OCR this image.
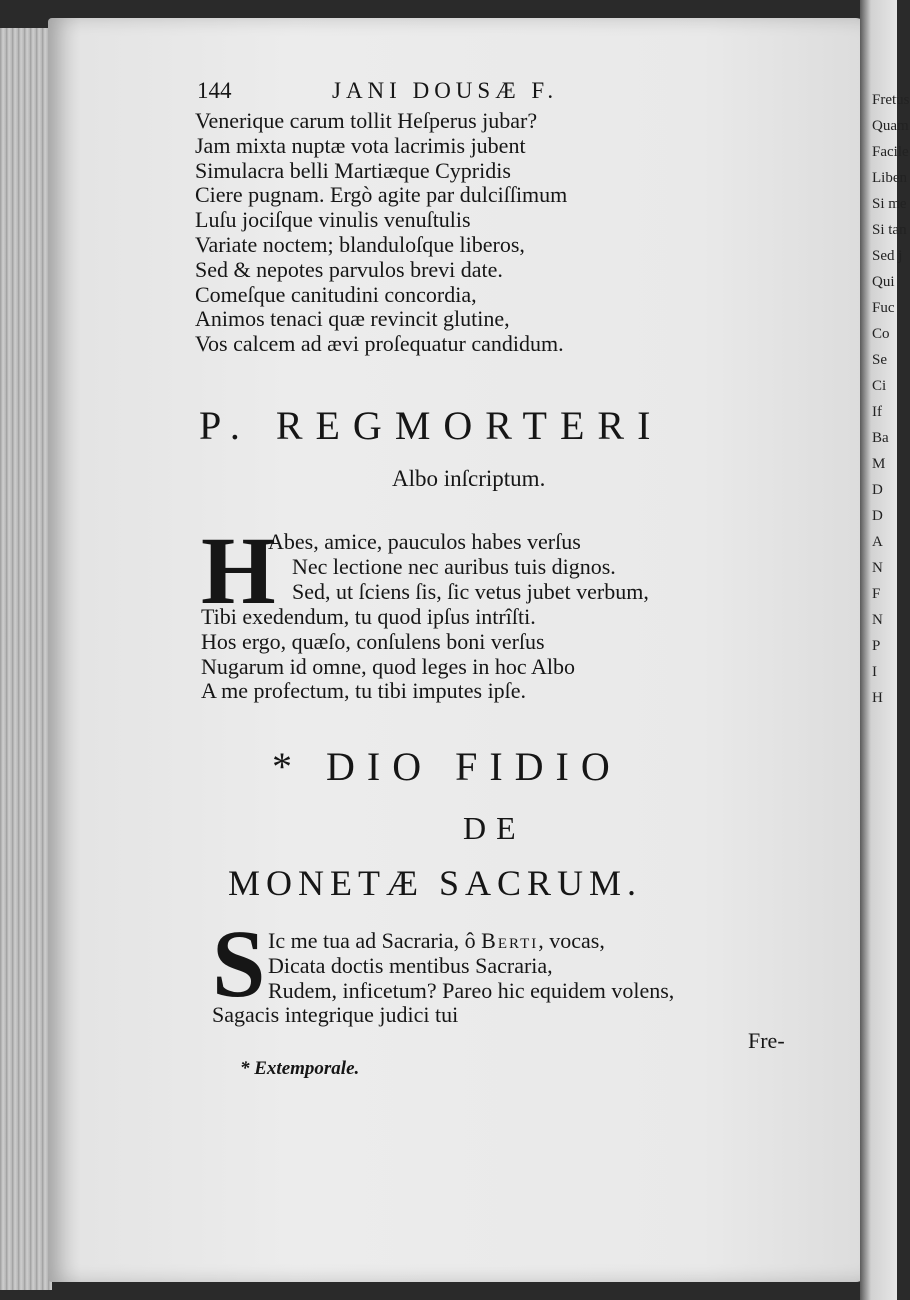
Fretus
Quam
Facile
Liben
Si me
Si tan
Sed j
Qui
Fuc
Co
Se
Ci
If
Ba
M
D
D
A
N
F
N
P
I
H
144	JANI DOUSÆ F.
Venerique carum tollit Heſperus jubar?
Jam mixta nuptæ vota lacrimis jubent
Simulacra belli Martiæque Cypridis
Ciere pugnam. Ergò agite par dulciſſimum
Luſu jociſque vinulis venuſtulis
Variate noctem; blanduloſque liberos,
Sed & nepotes parvulos brevi date.
Comeſque canitudini concordia,
Animos tenaci quæ revincit glutine,
Vos calcem ad ævi proſequatur candidum.
P. REGMORTERI
Albo inſcriptum.
H
Abes, amice, pauculos habes verſus
Nec lectione nec auribus tuis dignos.
Sed, ut ſciens ſis, ſic vetus jubet verbum,
Tibi exedendum, tu quod ipſus intrîſti.
Hos ergo, quæſo, conſulens boni verſus
Nugarum id omne, quod leges in hoc Albo
A me profectum, tu tibi imputes ipſe.
* DIO FIDIO
DE
MONETÆ SACRUM.
S Ic me tua ad Sacraria, ô Berti, vocas,
Dicata doctis mentibus Sacraria,
Rudem, inficetum? Pareo hic equidem volens,
Sagacis integrique judici tui
Fre-
* Extemporale.
